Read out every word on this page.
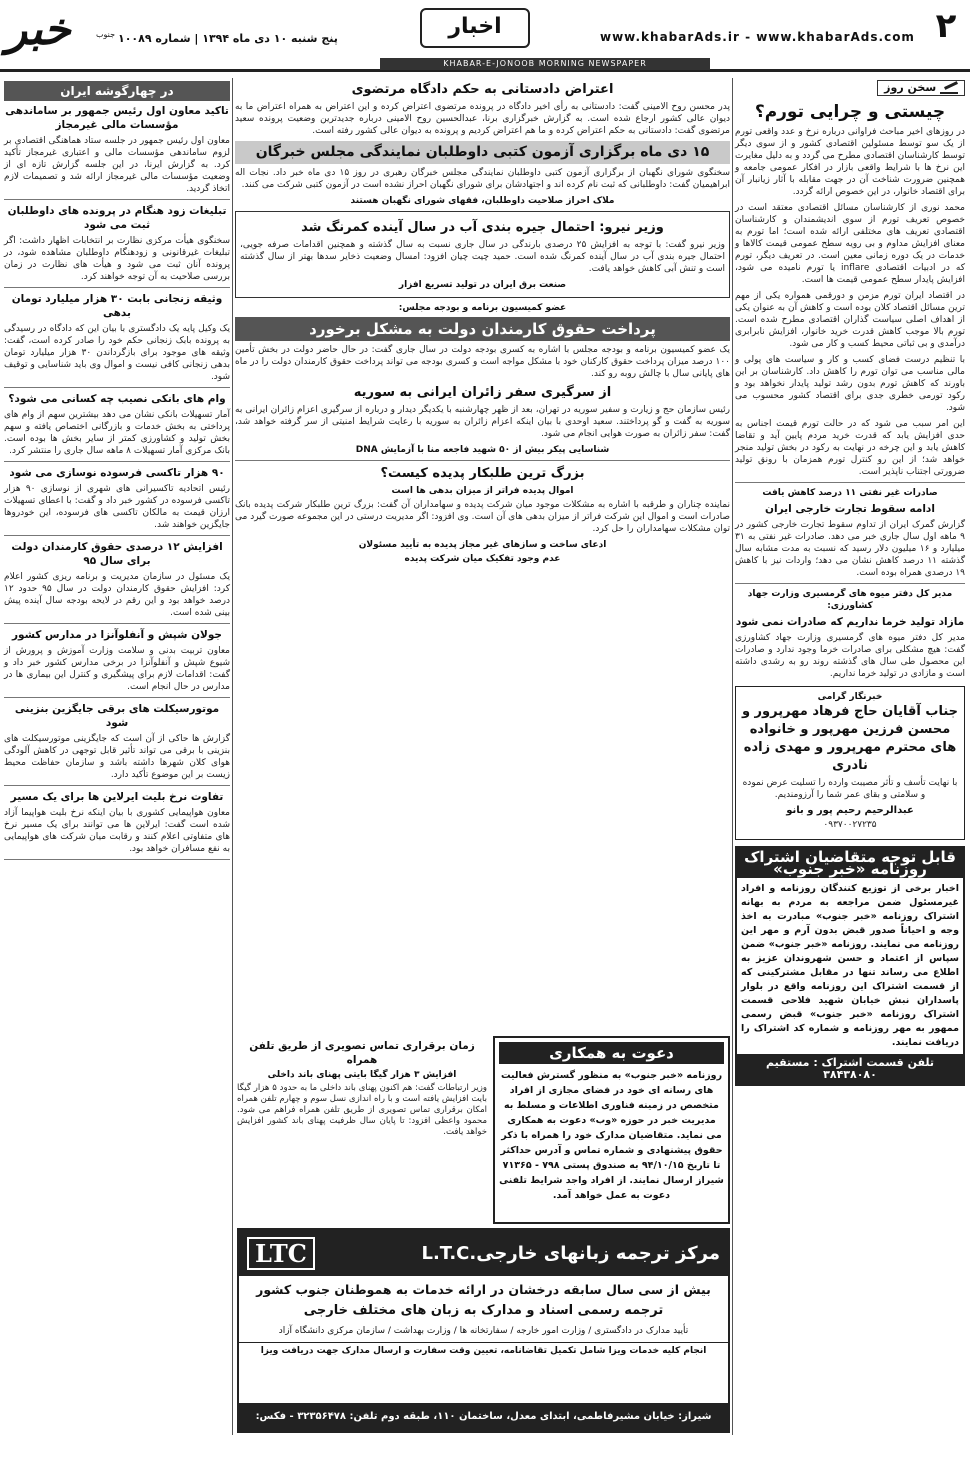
خبر	جنوب پنج شنبه ۱۰ دی ماه ۱۳۹۴ | شماره ۱۰۰۸۹	اخبار	www.khabarAds.ir - www.khabarAds.com ۲
KHABAR-E-JONOOB MORNING NEWSPAPER
سخن روز
چیستی و چرایی تورم؟
در روزهای اخیر مباحث فراوانی درباره نرخ و عدد واقعی تورم از یک سو توسط مسئولین اقتصادی کشور و از سوی دیگر توسط کارشناسان اقتصادی مطرح می گردد و به دلیل مغایرت این نرخ ها با شرایط واقعی بازار در افکار عمومی جامعه و همچنین ضرورت شناخت آن در جهت مقابله با آثار زیانبار آن برای اقتصاد خانوار، در این خصوص ارائه گردد.
محمد نوری از کارشناسان مسائل اقتصادی معتقد است در خصوص تعریف تورم از سوی اندیشمندان و کارشناسان اقتصادی تعریف های مختلفی ارائه شده است؛ اما تورم به معنای افزایش مداوم و بی رویه سطح عمومی قیمت کالاها و خدمات در یک دوره زمانی معین است. در تعریف دیگر، تورم که در ادبیات اقتصادی inflare یا تورم نامیده می شود، افزایش پایدار سطح عمومی قیمت ها است.
در اقتصاد ایران تورم مزمن و دورقمی همواره یکی از مهم ترین مسائل اقتصاد کلان بوده است و کاهش آن به عنوان یکی از اهداف اصلی سیاست گذاران اقتصادی مطرح شده است. تورم بالا موجب کاهش قدرت خرید خانوار، افزایش نابرابری درآمدی و بی ثباتی محیط کسب و کار می شود.
با تنظیم درست فضای کسب و کار و سیاست های پولی و مالی مناسب می توان تورم را کاهش داد. کارشناسان بر این باورند که کاهش تورم بدون رشد تولید پایدار نخواهد بود و رکود تورمی خطری جدی برای اقتصاد کشور محسوب می شود.
این امر سبب می شود که در حالت تورم قیمت اجناس به حدی افزایش یابد که قدرت خرید مردم پایین آید و تقاضا کاهش یابد و این چرخه در نهایت به رکود در بخش تولید منجر خواهد شد؛ از این رو کنترل تورم همزمان با رونق تولید ضرورتی اجتناب ناپذیر است.
صادرات غیر نفتی ۱۱ درصد کاهش یافت
ادامه سقوط تجارت خارجی ایران
گزارش گمرک ایران از تداوم سقوط تجارت خارجی کشور در ۹ ماهه اول سال جاری خبر می دهد. صادرات غیر نفتی به ۳۱ میلیارد و ۱۶ میلیون دلار رسید که نسبت به مدت مشابه سال گذشته ۱۱ درصد کاهش نشان می دهد؛ واردات نیز با کاهش ۱۹ درصدی همراه بوده است.
مدیر کل دفتر میوه های گرمسیری وزارت جهاد کشاورزی:
مازاد تولید خرما نداریم که صادرات نمی شود
مدیر کل دفتر میوه های گرمسیری وزارت جهاد کشاورزی گفت: هیچ مشکلی برای صادرات خرما وجود ندارد و صادرات این محصول طی سال های گذشته روند رو به رشدی داشته است و مازادی در تولید خرما نداریم.
خبرنگار گرامی
جناب آقایان حاج فرهاد مهرپرور و محسن فرزین مهرپور و خانواده های محترم مهرپرور و مهدی زاده نادری
با نهایت تأسف و تأثر مصیبت وارده را تسلیت عرض نموده و سلامتی و بقای عمر شما را آرزومندیم.
عبدالرحیم رحیم پور و بانو
۰۹۳۷۰۰۲۷۲۳۵
قابل توجه متقاضیان اشتراک روزنامه «خبر جنوب»
اخبار برخی از توزیع کنندگان روزنامه و افراد غیرمسئول ضمن مراجعه به مردم به بهانه اشتراک روزنامه «خبر جنوب» مبادرت به اخذ وجه و احیاناً صدور قبض بدون آرم و مهر این روزنامه می نمایند. روزنامه «خبر جنوب» ضمن سپاس از اعتماد و حسن شهروندان عزیز به اطلاع می رساند تنها در مقابل مشترکینی که از قسمت اشتراک این روزنامه واقع در بلوار پاسداران نبش خیابان شهید فلاحی قسمت اشتراک روزنامه «خبر جنوب» قبض رسمی ممهور به مهر روزنامه و شماره کد اشتراک را دریافت نمایند.
تلفن قسمت اشتراک : مستقیم ۳۸۴۳۸۰۸۰
اعتراض دادستانی به حکم دادگاه مرتضوی
پدر محسن روح الامینی گفت: دادستانی به رأی اخیر دادگاه در پرونده مرتضوی اعتراض کرده و این اعتراض به همراه اعتراض ما به دیوان عالی کشور ارجاع شده است. به گزارش خبرگزاری برنا، عبدالحسین روح الامینی درباره جدیدترین وضعیت پرونده سعید مرتضوی گفت: دادستانی به حکم اعتراض کرده و ما هم اعتراض کردیم و پرونده به دیوان عالی کشور رفته است.
۱۵ دی ماه برگزاری آزمون کتبی داوطلبان نمایندگی مجلس خبرگان
سخنگوی شورای نگهبان از برگزاری آزمون کتبی داوطلبان نمایندگی مجلس خبرگان رهبری در روز ۱۵ دی ماه خبر داد. نجات اله ابراهیمیان گفت: داوطلبانی که ثبت نام کرده اند و اجتهادشان برای شورای نگهبان احراز نشده است در آزمون کتبی شرکت می کنند.
ملاک احراز صلاحیت داوطلبان، فقهای شورای نگهبان هستند
وزیر نیرو: احتمال جیره بندی آب در سال آینده کمرنگ شد
وزیر نیرو گفت: با توجه به افزایش ۲۵ درصدی بارندگی در سال جاری نسبت به سال گذشته و همچنین اقدامات صرفه جویی، احتمال جیره بندی آب در سال آینده کمرنگ شده است. حمید چیت چیان افزود: امسال وضعیت ذخایر سدها بهتر از سال گذشته است و تنش آبی کاهش خواهد یافت.
صنعت برق ایران در تولید تسریع افزار
عضو کمیسیون برنامه و بودجه مجلس:
پرداخت حقوق کارمندان دولت به مشکل برخورد
یک عضو کمیسیون برنامه و بودجه مجلس با اشاره به کسری بودجه دولت در سال جاری گفت: در حال حاضر دولت در بخش تأمین ۱۰۰ درصد میزان پرداخت حقوق کارکنان خود با مشکل مواجه است و کسری بودجه می تواند پرداخت حقوق کارمندان دولت را در ماه های پایانی سال با چالش روبه رو کند.
از سرگیری سفر زائران ایرانی به سوریه
رئیس سازمان حج و زیارت و سفیر سوریه در تهران، بعد از ظهر چهارشنبه با یکدیگر دیدار و درباره از سرگیری اعزام زائران ایرانی به سوریه به گفت و گو پرداختند. سعید اوحدی با بیان اینکه اعزام زائران به سوریه با رعایت شرایط امنیتی از سر گرفته خواهد شد، گفت: سفر زائران به صورت هوایی انجام می شود.
شناسایی پیکر بیش از ۵۰ شهید فاجعه منا با آزمایش DNA
بزرگ ترین طلبکار پدیده کیست؟
اموال پدیده فراتر از میزان بدهی ها است
نماینده چناران و طرقبه با اشاره به مشکلات موجود میان شرکت پدیده و سهامداران آن گفت: بزرگ ترین طلبکار شرکت پدیده بانک صادرات است و اموال این شرکت فراتر از میزان بدهی های آن است. وی افزود: اگر مدیریت درستی در این مجموعه صورت گیرد می توان مشکلات سهامداران را حل کرد.
ادعای ساخت و سازهای غیر مجاز پدیده به تأیید مسئولان
عدم وجود تفکیک میان شرکت پدیده
زمان برقراری تماس تصویری از طریق تلفن همراه
افزایش ۳ هزار گیگا بایتی پهنای باند داخلی
وزیر ارتباطات گفت: هم اکنون پهنای باند داخلی ما به حدود ۵ هزار گیگا بایت افزایش یافته است و با راه اندازی نسل سوم و چهارم تلفن همراه امکان برقراری تماس تصویری از طریق تلفن همراه فراهم می شود. محمود واعظی افزود: تا پایان سال ظرفیت پهنای باند کشور افزایش خواهد یافت.
دعوت به همکاری
روزنامه «خبر جنوب» به منظور گسترش فعالیت های رسانه ای خود در فضای مجازی از افراد متخصص در زمینه فناوری اطلاعات و مسلط به مدیریت خبر در حوزه «وب» دعوت به همکاری می نماید. متقاضیان مدارک خود را همراه با ذکر حقوق پیشنهادی و شماره تماس و آدرس حداکثر تا تاریخ ۹۴/۱۰/۱۵ به صندوق پستی ۷۹۸ - ۷۱۳۶۵ شیراز ارسال نمایند. از افراد واجد شرایط تلفنی دعوت به عمل خواهد آمد.
مرکز ترجمه زبانهای خارجی.L.T.C
LTC
بیش از سی سال سابقه درخشان در ارائه خدمات به هموطنان جنوب کشور
ترجمه رسمی اسناد و مدارک به زبان های مختلف خارجی
تأیید مدارک در دادگستری / وزارت امور خارجه / سفارتخانه ها / وزارت بهداشت / سازمان مرکزی دانشگاه آزاد
انجام کلیه خدمات ویزا شامل تکمیل تقاضانامه، تعیین وقت سفارت و ارسال مدارک جهت دریافت ویزا
شیراز: خیابان مشیرفاطمی، ابتدای معدل، ساختمان ۱۱۰، طبقه دوم تلفن: ۳۲۳۵۶۴۷۸ - فکس: ۳۲۳۵۹۱۹۷
در چهارگوشه ایران
تاکید معاون اول رئیس جمهور بر ساماندهی مؤسسات مالی غیرمجاز
معاون اول رئیس جمهور در جلسه ستاد هماهنگی اقتصادی بر لزوم ساماندهی مؤسسات مالی و اعتباری غیرمجاز تأکید کرد. به گزارش ایرنا، در این جلسه گزارش تازه ای از وضعیت مؤسسات مالی غیرمجاز ارائه شد و تصمیمات لازم اتخاذ گردید.
تبلیغات زود هنگام در پرونده های داوطلبان ثبت می شود
سخنگوی هیأت مرکزی نظارت بر انتخابات اظهار داشت: اگر تبلیغات غیرقانونی و زودهنگام داوطلبان مشاهده شود، در پرونده آنان ثبت می شود و هیأت های نظارت در زمان بررسی صلاحیت به آن توجه خواهند کرد.
وثیقه زنجانی بابت ۳۰ هزار میلیارد تومان بدهی
یک وکیل پایه یک دادگستری با بیان این که دادگاه در رسیدگی به پرونده بابک زنجانی حکم خود را صادر کرده است، گفت: وثیقه های موجود برای بازگرداندن ۳۰ هزار میلیارد تومان بدهی زنجانی کافی نیست و اموال وی باید شناسایی و توقیف شود.
وام های بانکی نصیب چه کسانی می شود؟
آمار تسهیلات بانکی نشان می دهد بیشترین سهم از وام های پرداختی به بخش خدمات و بازرگانی اختصاص یافته و سهم بخش تولید و کشاورزی کمتر از سایر بخش ها بوده است. بانک مرکزی آمار تسهیلات ۸ ماهه سال جاری را منتشر کرد.
۹۰ هزار تاکسی فرسوده نوسازی می شود
رئیس اتحادیه تاکسیرانی های شهری از نوسازی ۹۰ هزار تاکسی فرسوده در کشور خبر داد و گفت: با اعطای تسهیلات ارزان قیمت به مالکان تاکسی های فرسوده، این خودروها جایگزین خواهند شد.
افزایش ۱۲ درصدی حقوق کارمندان دولت برای سال ۹۵
یک مسئول در سازمان مدیریت و برنامه ریزی کشور اعلام کرد: افزایش حقوق کارمندان دولت در سال ۹۵ حدود ۱۲ درصد خواهد بود و این رقم در لایحه بودجه سال آینده پیش بینی شده است.
جولان شپش و آنفلوآنزا در مدارس کشور
معاون تربیت بدنی و سلامت وزارت آموزش و پرورش از شیوع شپش و آنفلوآنزا در برخی مدارس کشور خبر داد و گفت: اقدامات لازم برای پیشگیری و کنترل این بیماری ها در مدارس در حال انجام است.
موتورسیکلت های برقی جایگزین بنزینی شود
گزارش ها حاکی از آن است که جایگزینی موتورسیکلت های بنزینی با برقی می تواند تأثیر قابل توجهی در کاهش آلودگی هوای کلان شهرها داشته باشد و سازمان حفاظت محیط زیست بر این موضوع تأکید دارد.
تفاوت نرخ بلیت ایرلاین ها برای یک مسیر
معاون هواپیمایی کشوری با بیان اینکه نرخ بلیت هواپیما آزاد شده است گفت: ایرلاین ها می توانند برای یک مسیر نرخ های متفاوتی اعلام کنند و رقابت میان شرکت های هواپیمایی به نفع مسافران خواهد بود.
